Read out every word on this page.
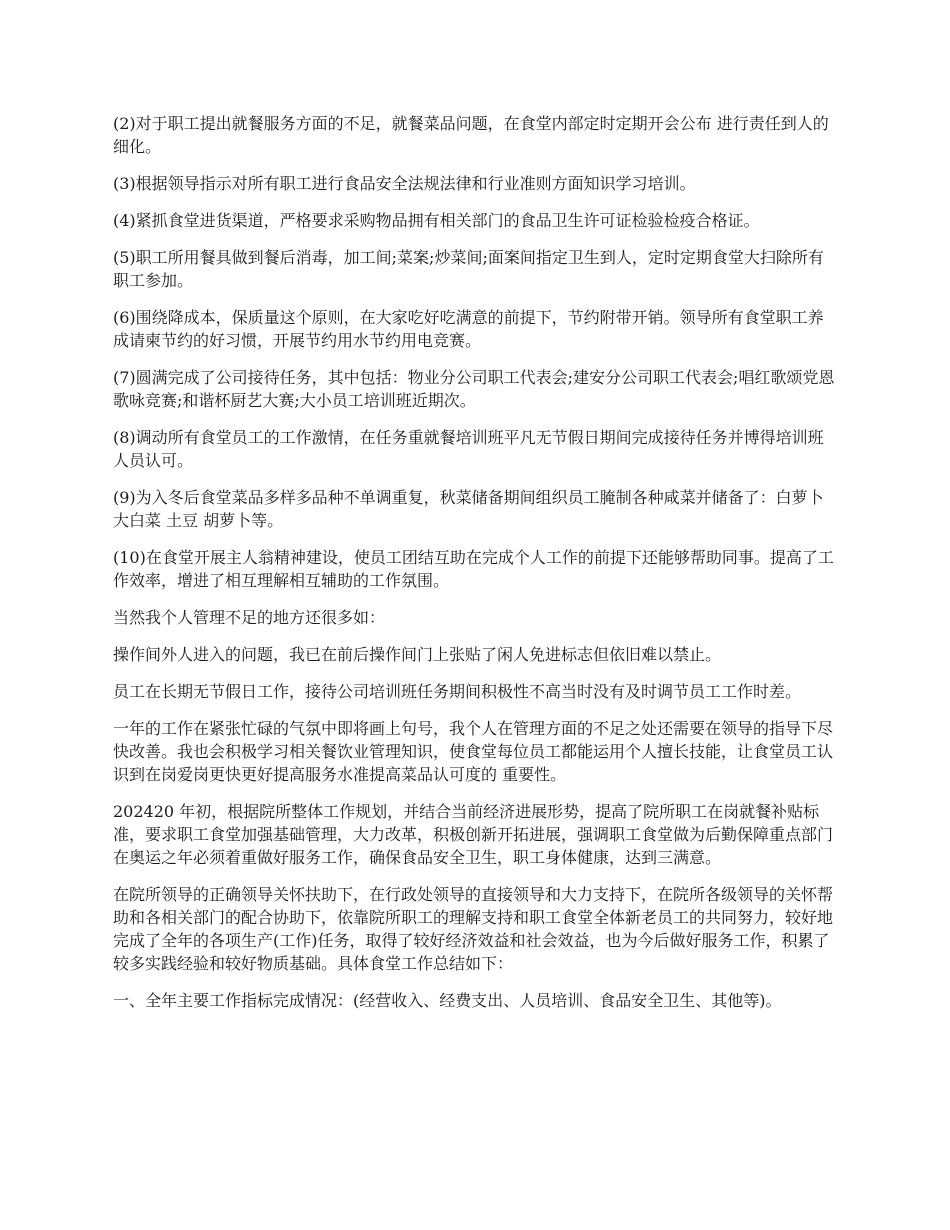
(2)对于职工提出就餐服务方面的不足，就餐菜品问题，在食堂内部定时定期开会公布 进行责任到人的细化。

(3)根据领导指示对所有职工进行食品安全法规法律和行业准则方面知识学习培训。

(4)紧抓食堂进货渠道，严格要求采购物品拥有相关部门的食品卫生许可证检验检疫合格证。

(5)职工所用餐具做到餐后消毒，加工间;菜案;炒菜间;面案间指定卫生到人，定时定期食堂大扫除所有职工参加。

(6)围绕降成本，保质量这个原则，在大家吃好吃满意的前提下，节约附带开销。领导所有食堂职工养成请柬节约的好习惯，开展节约用水节约用电竞赛。

(7)圆满完成了公司接待任务，其中包括：物业分公司职工代表会;建安分公司职工代表会;唱红歌颂党恩歌咏竞赛;和谐杯厨艺大赛;大小员工培训班近期次。

(8)调动所有食堂员工的工作激情，在任务重就餐培训班平凡无节假日期间完成接待任务并博得培训班人员认可。

(9)为入冬后食堂菜品多样多品种不单调重复，秋菜储备期间组织员工腌制各种咸菜并储备了：白萝卜 大白菜 土豆 胡萝卜等。

(10)在食堂开展主人翁精神建设，使员工团结互助在完成个人工作的前提下还能够帮助同事。提高了工作效率，增进了相互理解相互辅助的工作氛围。

当然我个人管理不足的地方还很多如：

操作间外人进入的问题，我已在前后操作间门上张贴了闲人免进标志但依旧难以禁止。

员工在长期无节假日工作，接待公司培训班任务期间积极性不高当时没有及时调节员工工作时差。

一年的工作在紧张忙碌的气氛中即将画上句号，我个人在管理方面的不足之处还需要在领导的指导下尽快改善。我也会积极学习相关餐饮业管理知识，使食堂每位员工都能运用个人擅长技能，让食堂员工认识到在岗爱岗更快更好提高服务水准提高菜品认可度的 重要性。

202420 年初，根据院所整体工作规划，并结合当前经济进展形势，提高了院所职工在岗就餐补贴标准，要求职工食堂加强基础管理，大力改革，积极创新开拓进展，强调职工食堂做为后勤保障重点部门在奥运之年必须着重做好服务工作，确保食品安全卫生，职工身体健康，达到三满意。

在院所领导的正确领导关怀扶助下，在行政处领导的直接领导和大力支持下，在院所各级领导的关怀帮助和各相关部门的配合协助下，依靠院所职工的理解支持和职工食堂全体新老员工的共同努力，较好地完成了全年的各项生产(工作)任务，取得了较好经济效益和社会效益，也为今后做好服务工作，积累了较多实践经验和较好物质基础。具体食堂工作总结如下：

一、全年主要工作指标完成情况：(经营收入、经费支出、人员培训、食品安全卫生、其他等)。
